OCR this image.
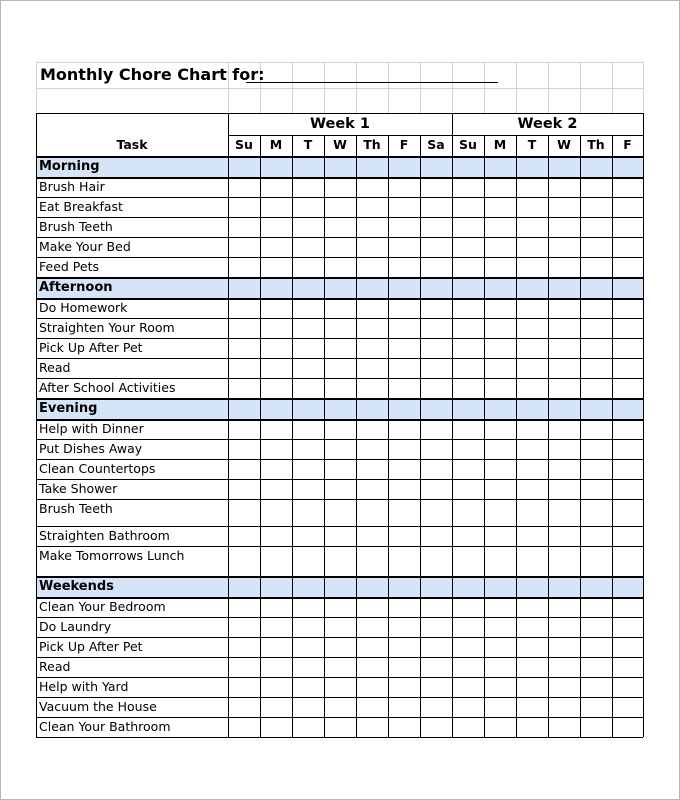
Monthly Chore Chart for:
Week 1	Week 2
Task	Su	M	T	W	Th	F	Sa	Su	M	T	W	Th	F
Morning
Brush Hair
Eat Breakfast
Brush Teeth
Make Your Bed
Feed Pets
Afternoon
Do Homework
Straighten Your Room
Pick Up After Pet
Read
After School Activities
Evening
Help with Dinner
Put Dishes Away
Clean Countertops
Take Shower
Brush Teeth
Straighten Bathroom
Make Tomorrows Lunch
Weekends
Clean Your Bedroom
Do Laundry
Pick Up After Pet
Read
Help with Yard
Vacuum the House
Clean Your Bathroom
